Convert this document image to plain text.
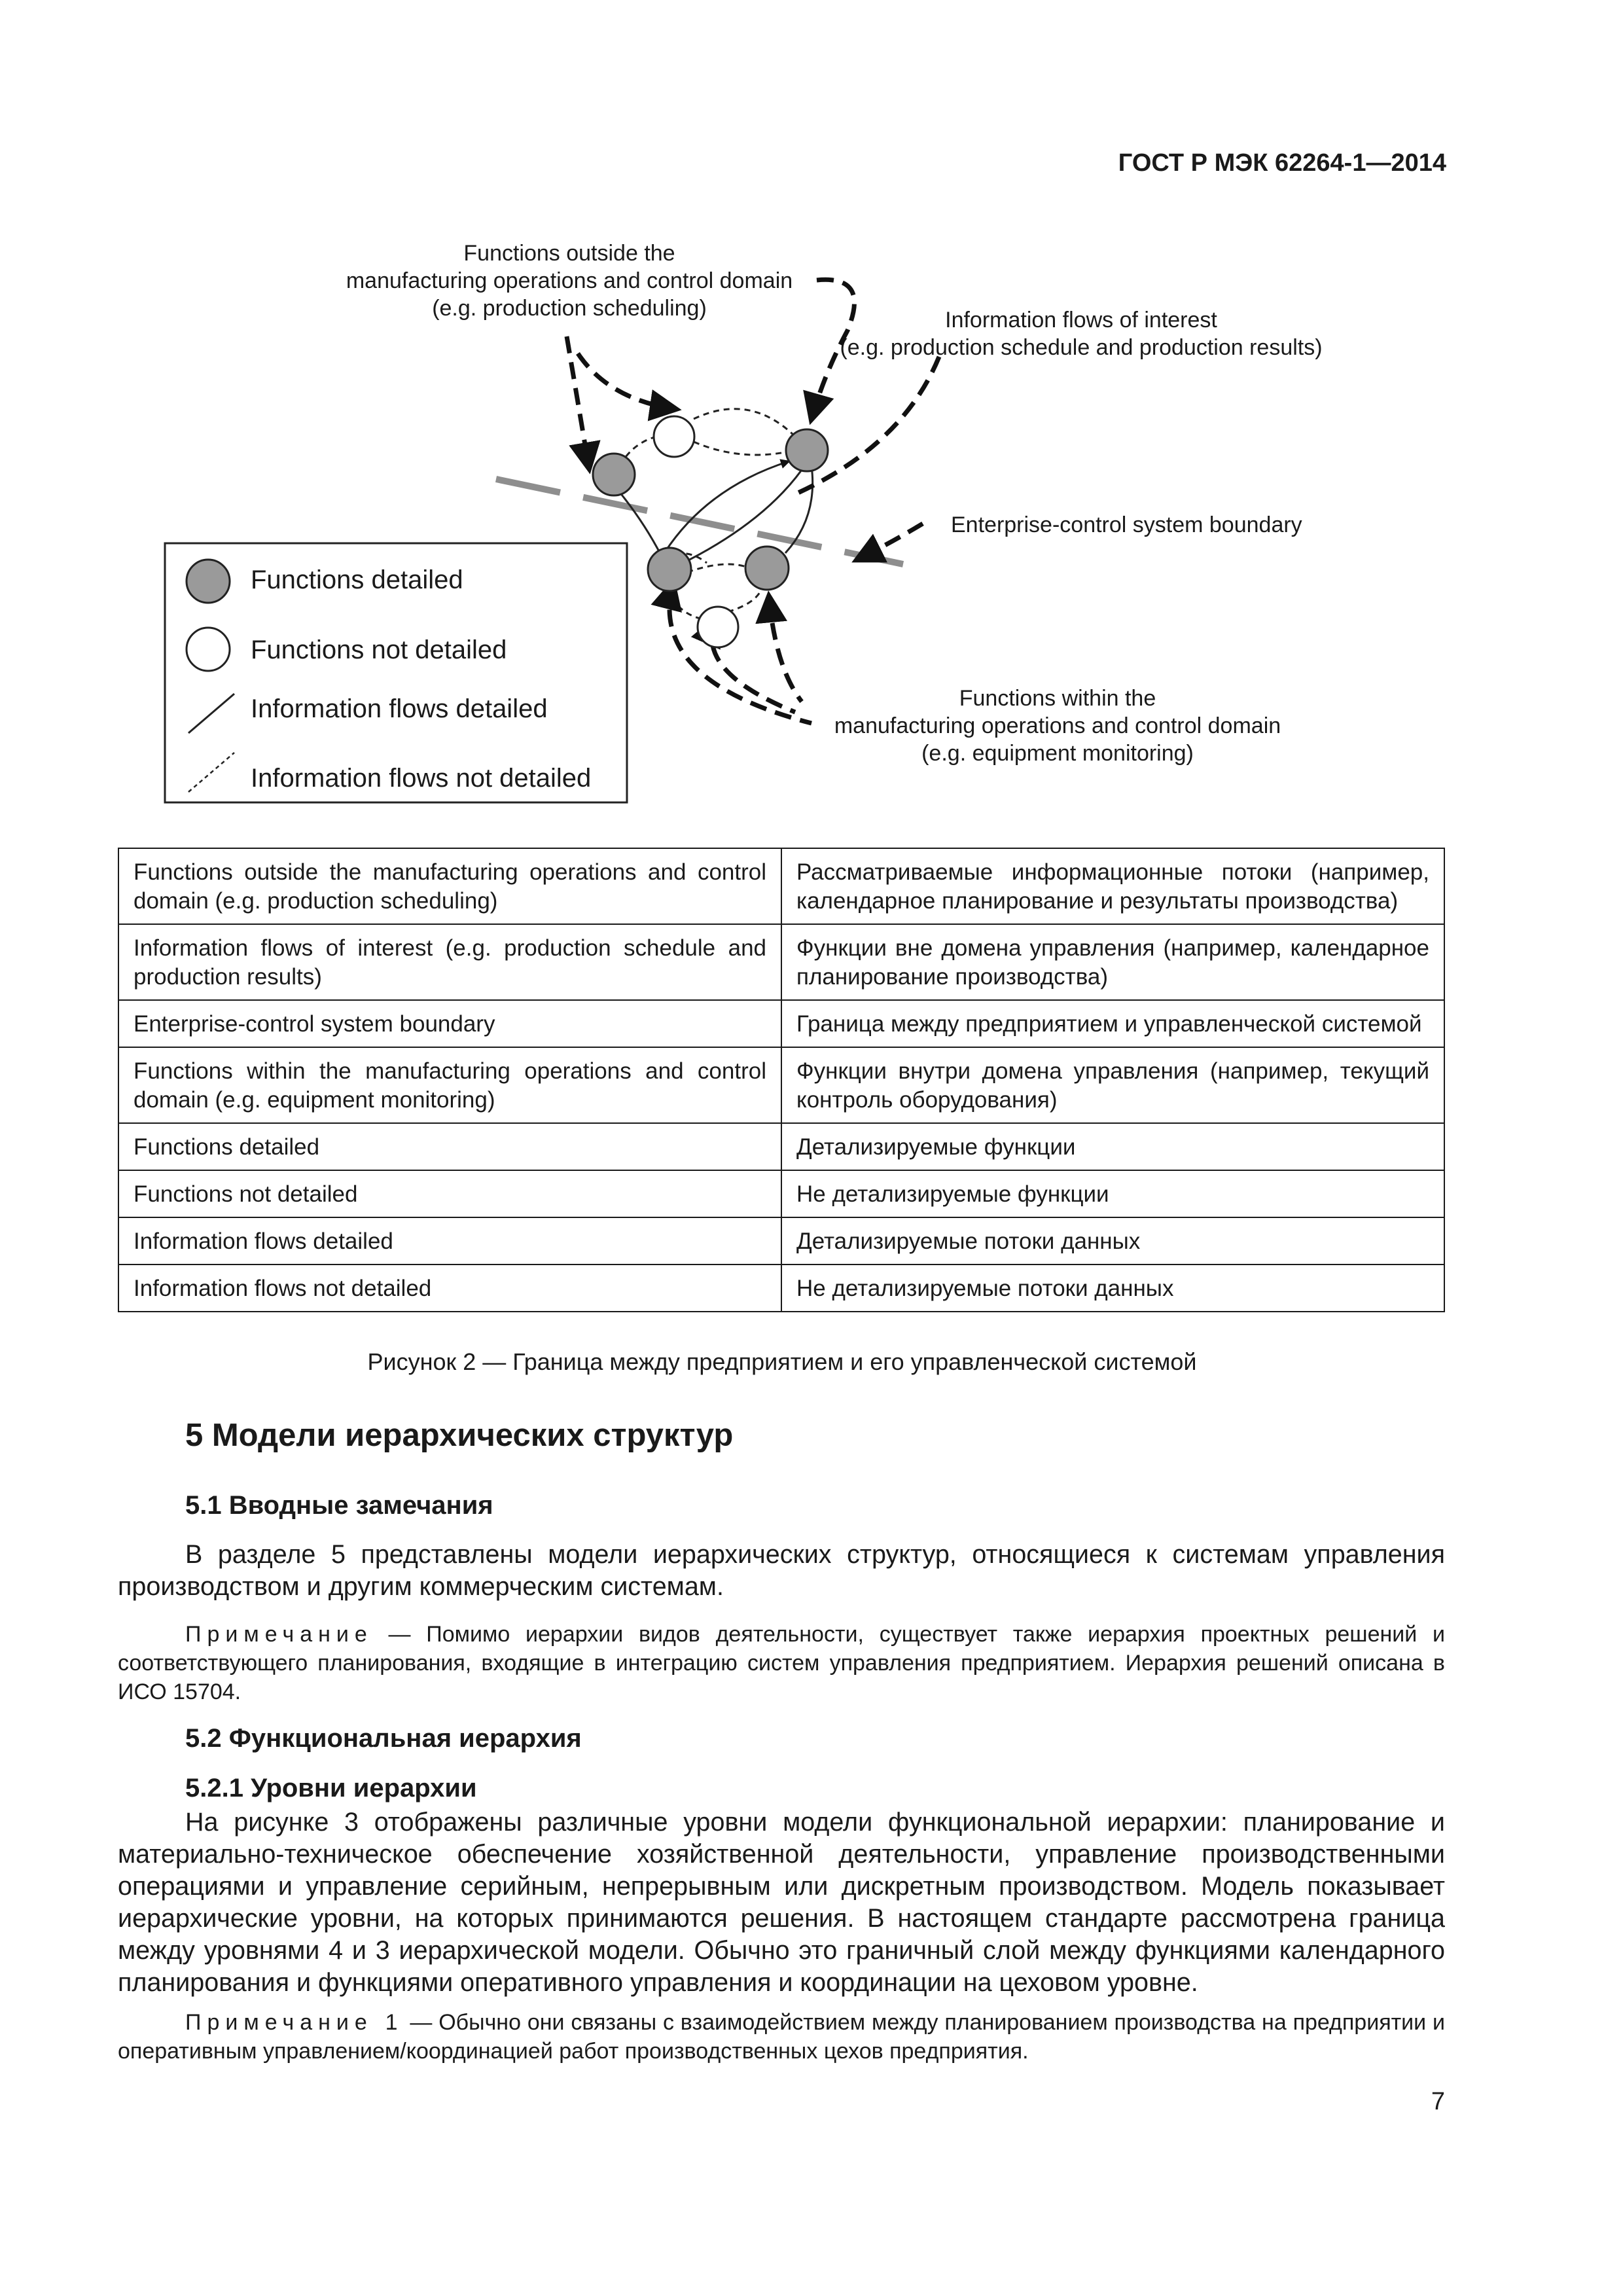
ГОСТ Р МЭК 62264-1—2014
Functions outside the
manufacturing operations and control domain
(e.g. production scheduling)	Information flows of interest
(e.g. production schedule and production results)
Enterprise-control system boundary
Functions within the
manufacturing operations and control domain
(e.g. equipment monitoring)
Functions detailed
Functions not detailed
Information flows detailed
Information flows not detailed
Functions outside the manufacturing operations and control domain (e.g. production scheduling)	Рассматриваемые информационные потоки (например, календарное планирование и результаты производства)
Information flows of interest (e.g. production schedule and production results)	Функции вне домена управления (например, календарное планирование производства)
Enterprise-control system boundary	Граница между предприятием и управленческой системой
Functions within the manufacturing operations and control domain (e.g. equipment monitoring)	Функции внутри домена управления (например, текущий контроль оборудования)
Functions detailed	Детализируемые функции
Functions not detailed	Не детализируемые функции
Information flows detailed	Детализируемые потоки данных
Information flows not detailed	Не детализируемые потоки данных
Рисунок 2 — Граница между предприятием и его управленческой системой
5 Модели иерархических структур
5.1 Вводные замечания
В разделе 5 представлены модели иерархических структур, относящиеся к системам управления производством и другим коммерческим системам.
Примечание — Помимо иерархии видов деятельности, существует также иерархия проектных решений и соответствующего планирования, входящие в интеграцию систем управления предприятием. Иерархия решений описана в ИСО 15704.
5.2 Функциональная иерархия
5.2.1 Уровни иерархии
На рисунке 3 отображены различные уровни модели функциональной иерархии: планирование и материально-техническое обеспечение хозяйственной деятельности, управление производственными операциями и управление серийным, непрерывным или дискретным производством. Модель показывает иерархические уровни, на которых принимаются решения. В настоящем стандарте рассмотрена граница между уровнями 4 и 3 иерархической модели. Обычно это граничный слой между функциями календарного планирования и функциями оперативного управления и координации на цеховом уровне.
Примечание 1 — Обычно они связаны с взаимодействием между планированием производства на предприятии и оперативным управлением/координацией работ производственных цехов предприятия.
7
